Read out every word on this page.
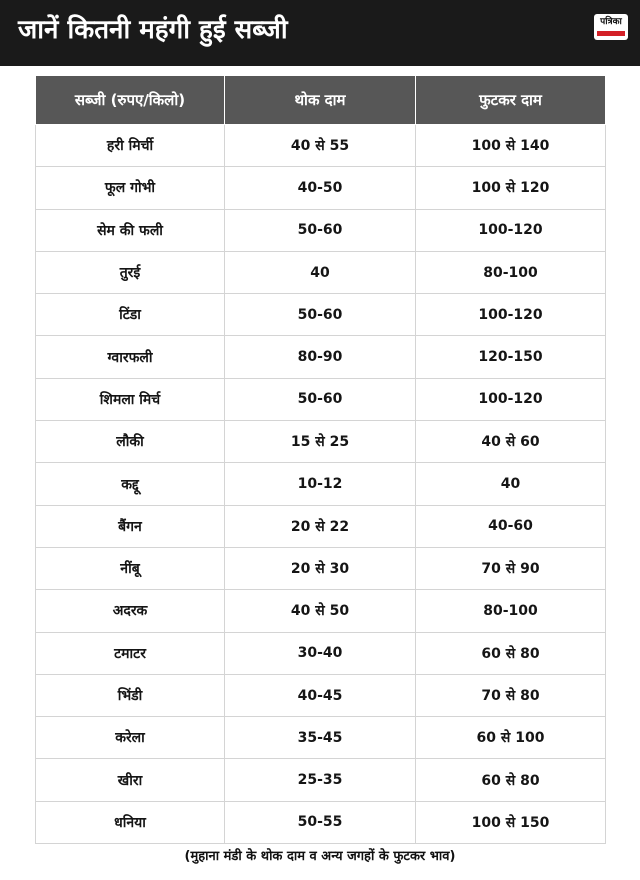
जानें कितनी महंगी हुई सब्जी	पत्रिका
सब्जी (रुपए/किलो)	थोक दाम	फुटकर दाम
हरी मिर्ची	40 से 55	100 से 140
फूल गोभी	40-50	100 से 120
सेम की फली	50-60	100-120
तुरई	40	80-100
टिंडा	50-60	100-120
ग्वारफली	80-90	120-150
शिमला मिर्च	50-60	100-120
लौकी	15 से 25	40 से 60
कद्दू	10-12	40
बैंगन	20 से 22	40-60
नींबू	20 से 30	70 से 90
अदरक	40 से 50	80-100
टमाटर	30-40	60 से 80
भिंडी	40-45	70 से 80
करेला	35-45	60 से 100
खीरा	25-35	60 से 80
धनिया	50-55	100 से 150
(मुहाना मंडी के थोक दाम व अन्य जगहों के फुटकर भाव)
